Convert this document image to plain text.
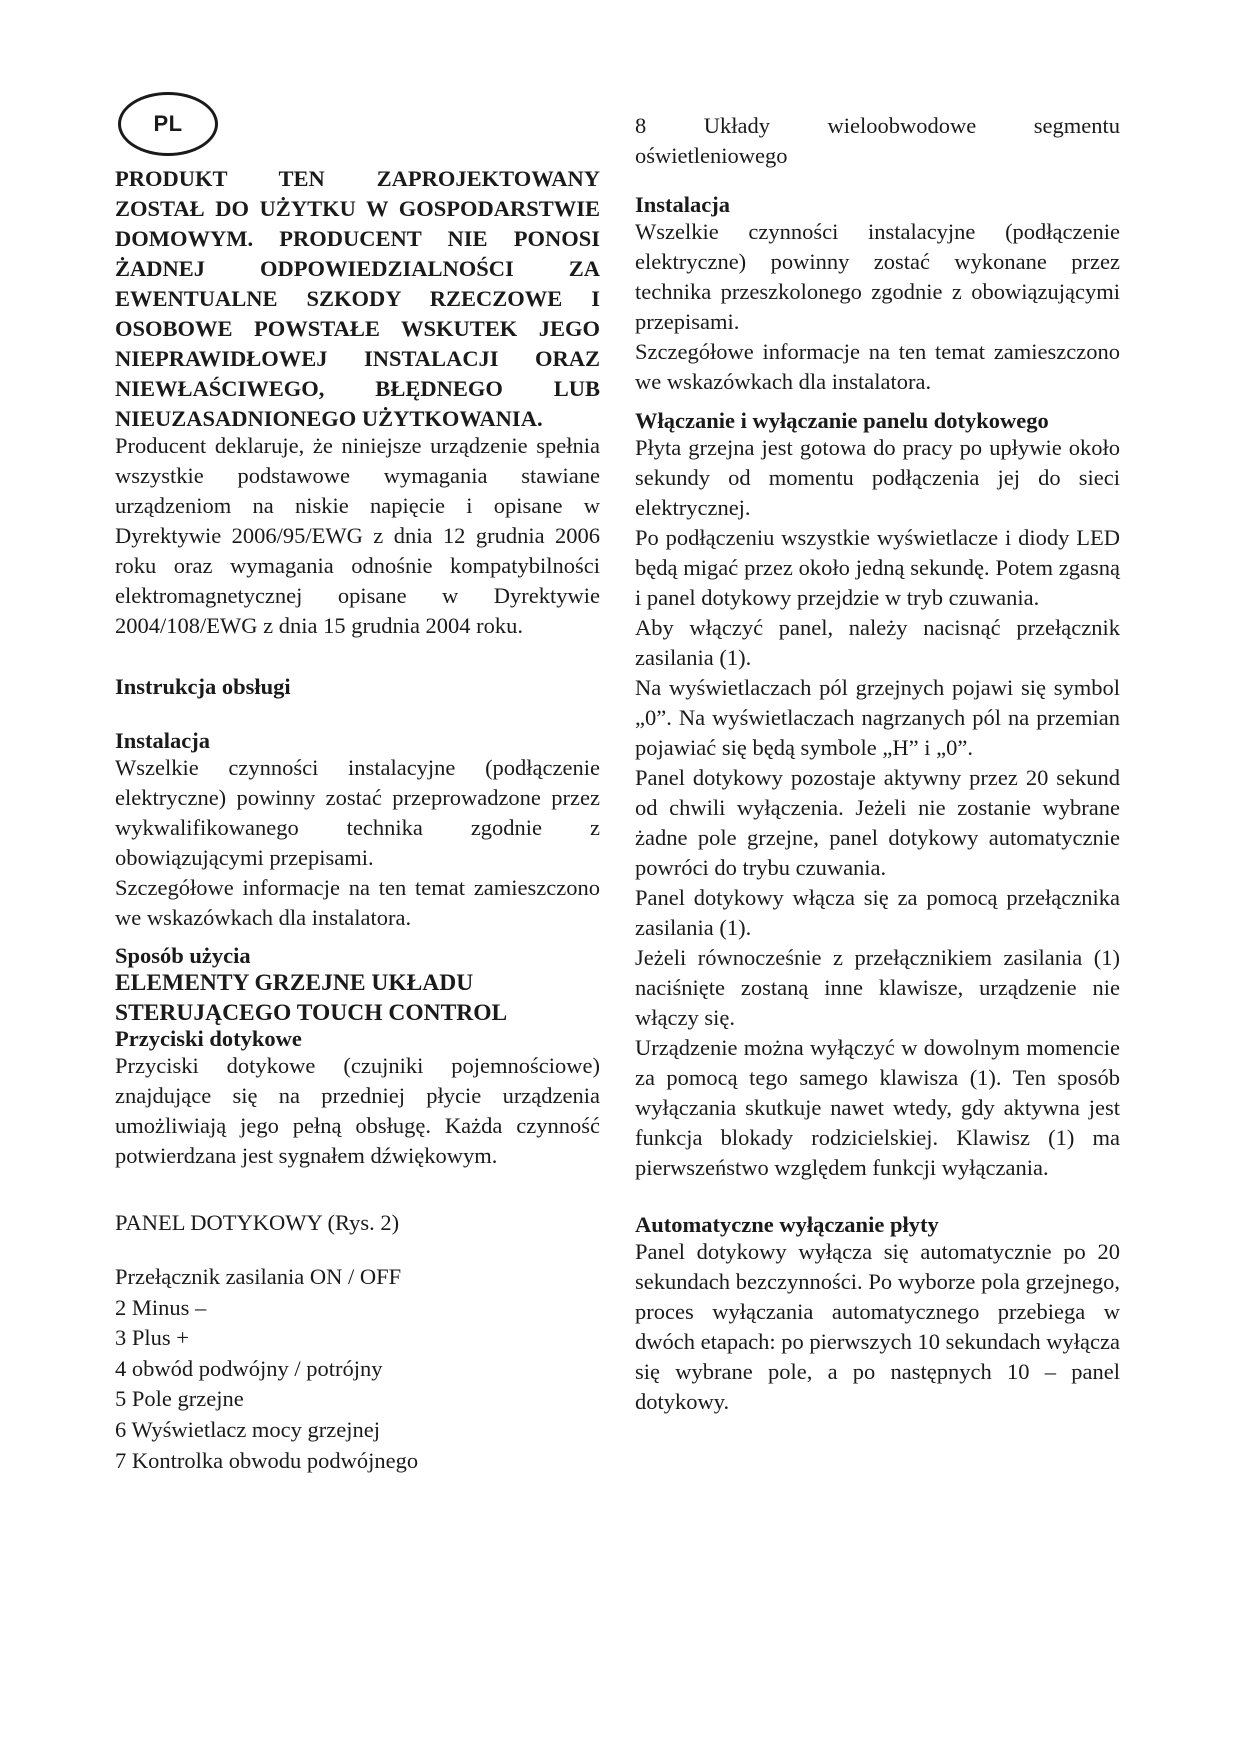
PL

PRODUKT TEN ZAPROJEKTOWANY ZOSTAŁ DO UŻYTKU W GOSPODARSTWIE DOMOWYM. PRODUCENT NIE PONOSI ŻADNEJ ODPOWIEDZIALNOŚCI ZA EWENTUALNE SZKODY RZECZOWE I OSOBOWE POWSTAŁE WSKUTEK JEGO NIEPRAWIDŁOWEJ INSTALACJI ORAZ NIEWŁAŚCIWEGO, BŁĘDNEGO LUB NIEUZASADNIONEGO UŻYTKOWANIA.

Producent deklaruje, że niniejsze urządzenie spełnia wszystkie podstawowe wymagania stawiane urządzeniom na niskie napięcie i opisane w Dyrektywie 2006/95/EWG z dnia 12 grudnia 2006 roku oraz wymagania odnośnie kompatybilności elektromagnetycznej opisane w Dyrektywie 2004/108/EWG z dnia 15 grudnia 2004 roku.

Instrukcja obsługi

Instalacja

Wszelkie czynności instalacyjne (podłączenie elektryczne) powinny zostać przeprowadzone przez wykwalifikowanego technika zgodnie z obowiązującymi przepisami.

Szczegółowe informacje na ten temat zamieszczono we wskazówkach dla instalatora.

Sposób użycia

ELEMENTY GRZEJNE UKŁADU STERUJĄCEGO TOUCH CONTROL

Przyciski dotykowe

Przyciski dotykowe (czujniki pojemnościowe) znajdujące się na przedniej płycie urządzenia umożliwiają jego pełną obsługę. Każda czynność potwierdzana jest sygnałem dźwiękowym.

PANEL DOTYKOWY (Rys. 2)

Przełącznik zasilania ON / OFF

2 Minus –

3 Plus +

4 obwód podwójny / potrójny

5 Pole grzejne

6 Wyświetlacz mocy grzejnej

7 Kontrolka obwodu podwójnego

8 Układy wieloobwodowe segmentu oświetleniowego

Instalacja

Wszelkie czynności instalacyjne (podłączenie elektryczne) powinny zostać wykonane przez technika przeszkolonego zgodnie z obowiązującymi przepisami.

Szczegółowe informacje na ten temat zamieszczono we wskazówkach dla instalatora.

Włączanie i wyłączanie panelu dotykowego

Płyta grzejna jest gotowa do pracy po upływie około sekundy od momentu podłączenia jej do sieci elektrycznej.

Po podłączeniu wszystkie wyświetlacze i diody LED będą migać przez około jedną sekundę. Potem zgasną i panel dotykowy przejdzie w tryb czuwania.

Aby włączyć panel, należy nacisnąć przełącznik zasilania (1).

Na wyświetlaczach pól grzejnych pojawi się symbol „0”. Na wyświetlaczach nagrzanych pól na przemian pojawiać się będą symbole „H” i „0”.

Panel dotykowy pozostaje aktywny przez 20 sekund od chwili wyłączenia. Jeżeli nie zostanie wybrane żadne pole grzejne, panel dotykowy automatycznie powróci do trybu czuwania.

Panel dotykowy włącza się za pomocą przełącznika zasilania (1).

Jeżeli równocześnie z przełącznikiem zasilania (1) naciśnięte zostaną inne klawisze, urządzenie nie włączy się.

Urządzenie można wyłączyć w dowolnym momencie za pomocą tego samego klawisza (1). Ten sposób wyłączania skutkuje nawet wtedy, gdy aktywna jest funkcja blokady rodzicielskiej. Klawisz (1) ma pierwszeństwo względem funkcji wyłączania.

Automatyczne wyłączanie płyty

Panel dotykowy wyłącza się automatycznie po 20 sekundach bezczynności. Po wyborze pola grzejnego, proces wyłączania automatycznego przebiega w dwóch etapach: po pierwszych 10 sekundach wyłącza się wybrane pole, a po następnych 10 – panel dotykowy.
